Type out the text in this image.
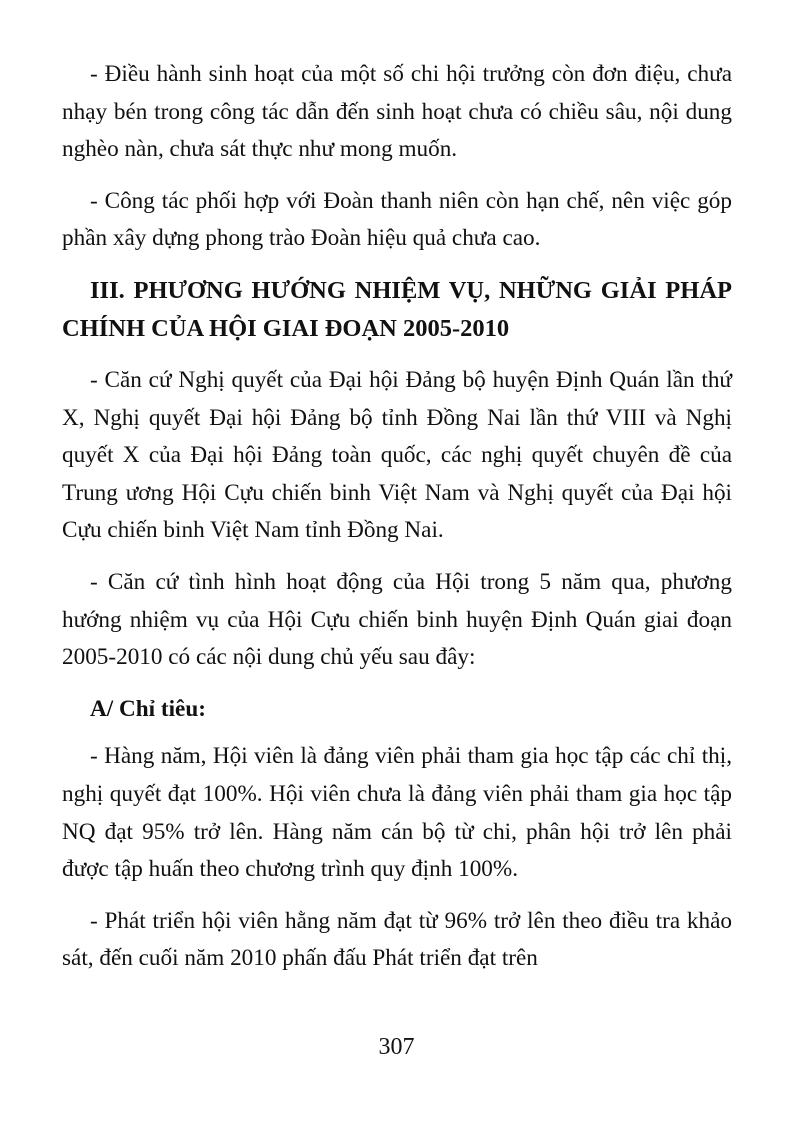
- Điều hành sinh hoạt của một số chi hội trưởng còn đơn điệu, chưa nhạy bén trong công tác dẫn đến sinh hoạt chưa có chiều sâu, nội dung nghèo nàn, chưa sát thực như mong muốn.

- Công tác phối hợp với Đoàn thanh niên còn hạn chế, nên việc góp phần xây dựng phong trào Đoàn hiệu quả chưa cao.

III. PHƯƠNG HƯỚNG NHIỆM VỤ, NHỮNG GIẢI PHÁP CHÍNH CỦA HỘI GIAI ĐOẠN 2005-2010

- Căn cứ Nghị quyết của Đại hội Đảng bộ huyện Định Quán lần thứ X, Nghị quyết Đại hội Đảng bộ tỉnh Đồng Nai lần thứ VIII và Nghị quyết X của Đại hội Đảng toàn quốc, các nghị quyết chuyên đề của Trung ương Hội Cựu chiến binh Việt Nam và Nghị quyết của Đại hội Cựu chiến binh Việt Nam tỉnh Đồng Nai.

- Căn cứ tình hình hoạt động của Hội trong 5 năm qua, phương hướng nhiệm vụ của Hội Cựu chiến binh huyện Định Quán giai đoạn 2005-2010 có các nội dung chủ yếu sau đây:

A/ Chỉ tiêu:

- Hàng năm, Hội viên là đảng viên phải tham gia học tập các chỉ thị, nghị quyết đạt 100%. Hội viên chưa là đảng viên phải tham gia học tập NQ đạt 95% trở lên. Hàng năm cán bộ từ chi, phân hội trở lên phải được tập huấn theo chương trình quy định 100%.

- Phát triển hội viên hằng năm đạt từ 96% trở lên theo điều tra khảo sát, đến cuối năm 2010 phấn đấu Phát triển đạt trên

307
